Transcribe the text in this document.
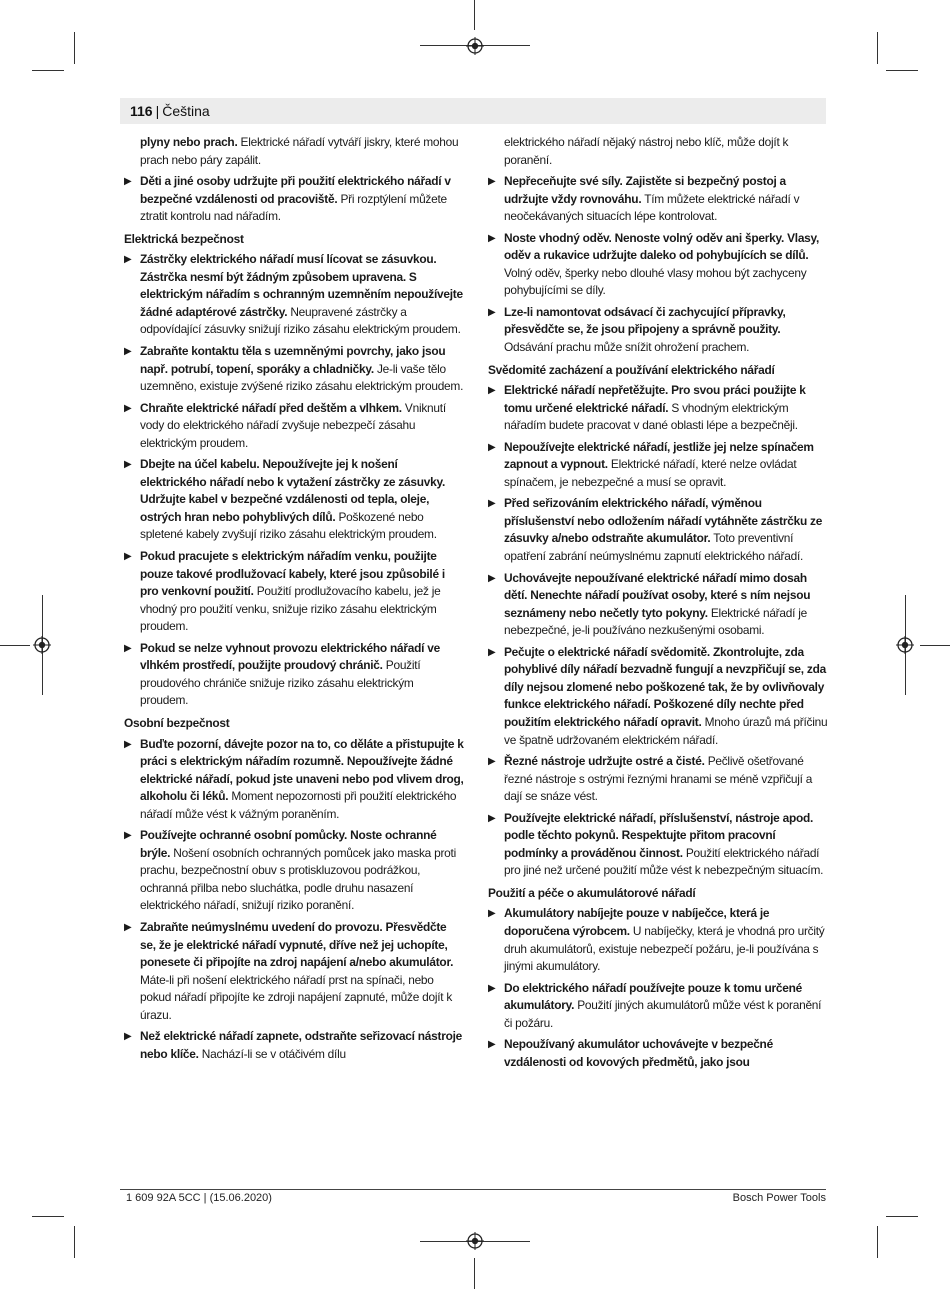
116 | Čeština
plyny nebo prach. Elektrické nářadí vytváří jiskry, které mohou prach nebo páry zapálit.
▶ Děti a jiné osoby udržujte při použití elektrického nářadí v bezpečné vzdálenosti od pracoviště. Při rozptýlení můžete ztratit kontrolu nad nářadím.
Elektrická bezpečnost
▶ Zástrčky elektrického nářadí musí lícovat se zásuvkou. Zástrčka nesmí být žádným způsobem upravena. S elektrickým nářadím s ochranným uzemněním nepoužívejte žádné adaptérové zástrčky. Neupravené zástrčky a odpovídající zásuvky snižují riziko zásahu elektrickým proudem.
▶ Zabraňte kontaktu těla s uzemněnými povrchy, jako jsou např. potrubí, topení, sporáky a chladničky. Je-li vaše tělo uzemněno, existuje zvýšené riziko zásahu elektrickým proudem.
▶ Chraňte elektrické nářadí před deštěm a vlhkem. Vniknutí vody do elektrického nářadí zvyšuje nebezpečí zásahu elektrickým proudem.
▶ Dbejte na účel kabelu. Nepoužívejte jej k nošení elektrického nářadí nebo k vytažení zástrčky ze zásuvky. Udržujte kabel v bezpečné vzdálenosti od tepla, oleje, ostrých hran nebo pohyblivých dílů. Poškozené nebo spletené kabely zvyšují riziko zásahu elektrickým proudem.
▶ Pokud pracujete s elektrickým nářadím venku, použijte pouze takové prodlužovací kabely, které jsou způsobilé i pro venkovní použití. Použití prodlužovacího kabelu, jež je vhodný pro použití venku, snižuje riziko zásahu elektrickým proudem.
▶ Pokud se nelze vyhnout provozu elektrického nářadí ve vlhkém prostředí, použijte proudový chránič. Použití proudového chrániče snižuje riziko zásahu elektrickým proudem.
Osobní bezpečnost
▶ Buďte pozorní, dávejte pozor na to, co děláte a přistupujte k práci s elektrickým nářadím rozumně. Nepoužívejte žádné elektrické nářadí, pokud jste unaveni nebo pod vlivem drog, alkoholu či léků. Moment nepozornosti při použití elektrického nářadí může vést k vážným poraněním.
▶ Používejte ochranné osobní pomůcky. Noste ochranné brýle. Nošení osobních ochranných pomůcek jako maska proti prachu, bezpečnostní obuv s protiskluzovou podrážkou, ochranná přilba nebo sluchátka, podle druhu nasazení elektrického nářadí, snižují riziko poranění.
▶ Zabraňte neúmyslnému uvedení do provozu. Přesvědčte se, že je elektrické nářadí vypnuté, dříve než jej uchopíte, ponesete či připojíte na zdroj napájení a/nebo akumulátor. Máte-li při nošení elektrického nářadí prst na spínači, nebo pokud nářadí připojíte ke zdroji napájení zapnuté, může dojít k úrazu.
▶ Než elektrické nářadí zapnete, odstraňte seřizovací nástroje nebo klíče. Nachází-li se v otáčivém dílu
elektrického nářadí nějaký nástroj nebo klíč, může dojít k poranění.
▶ Nepřeceňujte své síly. Zajistěte si bezpečný postoj a udržujte vždy rovnováhu. Tím můžete elektrické nářadí v neočekávaných situacích lépe kontrolovat.
▶ Noste vhodný oděv. Nenoste volný oděv ani šperky. Vlasy, oděv a rukavice udržujte daleko od pohybujících se dílů. Volný oděv, šperky nebo dlouhé vlasy mohou být zachyceny pohybujícími se díly.
▶ Lze-li namontovat odsávací či zachycující přípravky, přesvědčte se, že jsou připojeny a správně použity. Odsávání prachu může snížit ohrožení prachem.
Svědomité zacházení a používání elektrického nářadí
▶ Elektrické nářadí nepřetěžujte. Pro svou práci použijte k tomu určené elektrické nářadí. S vhodným elektrickým nářadím budete pracovat v dané oblasti lépe a bezpečněji.
▶ Nepoužívejte elektrické nářadí, jestliže jej nelze spínačem zapnout a vypnout. Elektrické nářadí, které nelze ovládat spínačem, je nebezpečné a musí se opravit.
▶ Před seřizováním elektrického nářadí, výměnou příslušenství nebo odložením nářadí vytáhněte zástrčku ze zásuvky a/nebo odstraňte akumulátor. Toto preventivní opatření zabrání neúmyslnému zapnutí elektrického nářadí.
▶ Uchovávejte nepoužívané elektrické nářadí mimo dosah dětí. Nenechte nářadí používat osoby, které s ním nejsou seznámeny nebo nečetly tyto pokyny. Elektrické nářadí je nebezpečné, je-li používáno nezkušenými osobami.
▶ Pečujte o elektrické nářadí svědomitě. Zkontrolujte, zda pohyblivé díly nářadí bezvadně fungují a nevzpřičují se, zda díly nejsou zlomené nebo poškozené tak, že by ovlivňovaly funkce elektrického nářadí. Poškozené díly nechte před použitím elektrického nářadí opravit. Mnoho úrazů má příčinu ve špatně udržovaném elektrickém nářadí.
▶ Řezné nástroje udržujte ostré a čisté. Pečlivě ošetřované řezné nástroje s ostrými řeznými hranami se méně vzpřičují a dají se snáze vést.
▶ Používejte elektrické nářadí, příslušenství, nástroje apod. podle těchto pokynů. Respektujte přitom pracovní podmínky a prováděnou činnost. Použití elektrického nářadí pro jiné než určené použití může vést k nebezpečným situacím.
Použití a péče o akumulátorové nářadí
▶ Akumulátory nabíjejte pouze v nabíječce, která je doporučena výrobcem. U nabíječky, která je vhodná pro určitý druh akumulátorů, existuje nebezpečí požáru, je-li používána s jinými akumulátory.
▶ Do elektrického nářadí používejte pouze k tomu určené akumulátory. Použití jiných akumulátorů může vést k poranění či požáru.
▶ Nepoužívaný akumulátor uchovávejte v bezpečné vzdálenosti od kovových předmětů, jako jsou
1 609 92A 5CC | (15.06.2020)	Bosch Power Tools
